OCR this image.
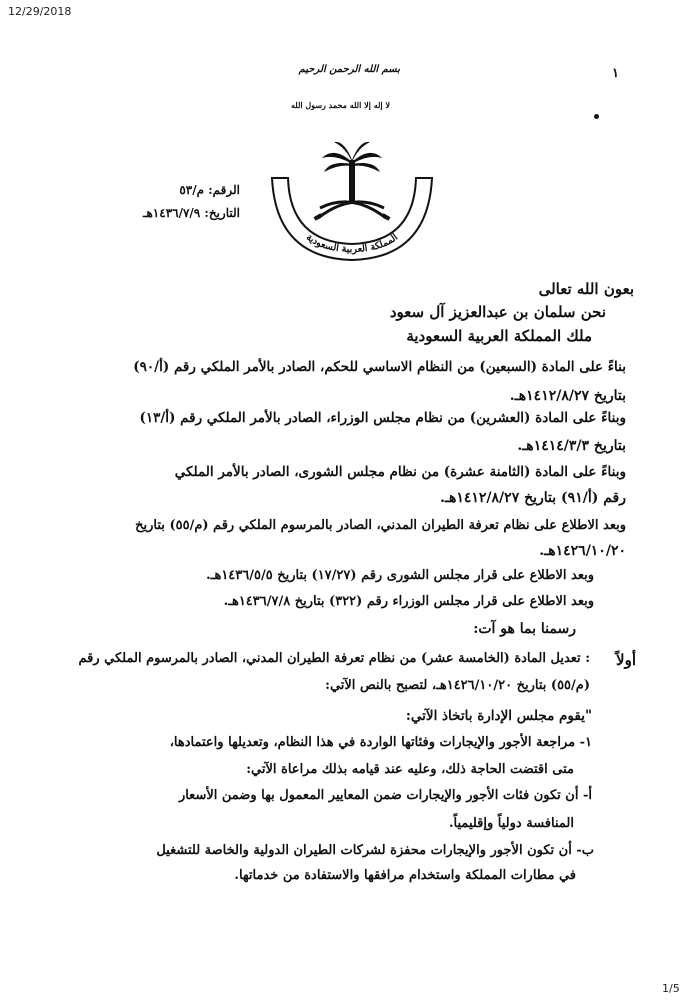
12/29/2018
1/5
١
بسم الله الرحمن الرحيم
لا إله إلا الله محمد رسول الله
المملكة العربية السعودية
الرقم: م/٥٣
التاريخ: ١٤٣٦/٧/٩هـ
بعون الله تعالى
نحن سلمان بن عبدالعزيز آل سعود
ملك المملكة العربية السعودية
بناءً على المادة (السبعين) من النظام الاساسي للحكم، الصادر بالأمر الملكي رقم (أ/٩٠)
بتاريخ ١٤١٢/٨/٢٧هـ.
وبناءً على المادة (العشرين) من نظام مجلس الوزراء، الصادر بالأمر الملكي رقم (أ/١٣)
بتاريخ ١٤١٤/٣/٣هـ.
وبناءً على المادة (الثامنة عشرة) من نظام مجلس الشورى، الصادر بالأمر الملكي
رقم (أ/٩١) بتاريخ ١٤١٢/٨/٢٧هـ.
وبعد الاطلاع على نظام تعرفة الطيران المدني، الصادر بالمرسوم الملكي رقم (م/٥٥) بتاريخ
١٤٢٦/١٠/٢٠هـ.
وبعد الاطلاع على قرار مجلس الشورى رقم (١٧/٢٧) بتاريخ ١٤٣٦/٥/٥هـ.
وبعد الاطلاع على قرار مجلس الوزراء رقم (٣٢٢) بتاريخ ١٤٣٦/٧/٨هـ.
رسمنا بما هو آت:
أولاً
: تعديل المادة (الخامسة عشر) من نظام تعرفة الطيران المدني، الصادر بالمرسوم الملكي رقم
(م/٥٥) بتاريخ ١٤٢٦/١٠/٢٠هـ، لتصبح بالنص الآتي:
"يقوم مجلس الإدارة باتخاذ الآتي:
١- مراجعة الأجور والإيجارات وفئاتها الواردة في هذا النظام، وتعديلها واعتمادها،
متى اقتضت الحاجة ذلك، وعليه عند قيامه بذلك مراعاة الآتي:
أ- أن تكون فئات الأجور والإيجارات ضمن المعايير المعمول بها وضمن الأسعار
المنافسة دولياً وإقليمياً.
ب- أن تكون الأجور والإيجارات محفزة لشركات الطيران الدولية والخاصة للتشغيل
في مطارات المملكة واستخدام مرافقها والاستفادة من خدماتها.
